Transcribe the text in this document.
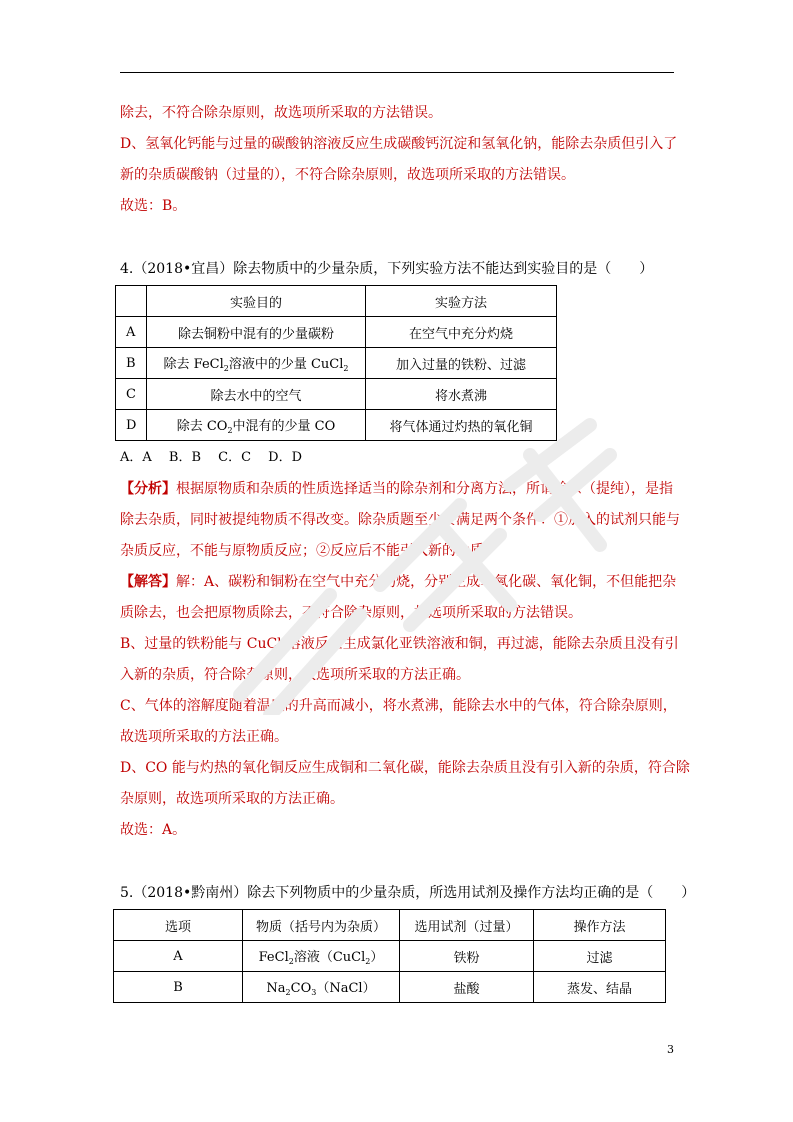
除去，不符合除杂原则，故选项所采取的方法错误。
D、氢氧化钙能与过量的碳酸钠溶液反应生成碳酸钙沉淀和氢氧化钠，能除去杂质但引入了
新的杂质碳酸钠（过量的），不符合除杂原则，故选项所采取的方法错误。
故选：B。
4.（2018•宜昌）除去物质中的少量杂质，下列实验方法不能达到实验目的是（　　）
	实验目的	实验方法
A	除去铜粉中混有的少量碳粉	在空气中充分灼烧
B	除去 FeCl$_2$溶液中的少量 CuCl$_2$	加入过量的铁粉、过滤
C	除去水中的空气	将水煮沸
D	除去 $CO_2$中混有的少量 CO	将气体通过灼热的氧化铜
A．A　 B．B　 C．C　 D．D
【分析】根据原物质和杂质的性质选择适当的除杂剂和分离方法，所谓除杂（提纯），是指
除去杂质，同时被提纯物质不得改变。除杂质题至少要满足两个条件：①加入的试剂只能与
杂质反应，不能与原物质反应；②反应后不能引入新的杂质。
【解答】解：A、碳粉和铜粉在空气中充分灼烧，分别生成二氧化碳、氧化铜，不但能把杂
质除去，也会把原物质除去，不符合除杂原则，故选项所采取的方法错误。
B、过量的铁粉能与 CuCl$_2$溶液反应生成氯化亚铁溶液和铜，再过滤，能除去杂质且没有引
入新的杂质，符合除杂原则，故选项所采取的方法正确。
C、气体的溶解度随着温度的升高而减小，将水煮沸，能除去水中的气体，符合除杂原则，
故选项所采取的方法正确。
D、CO 能与灼热的氧化铜反应生成铜和二氧化碳，能除去杂质且没有引入新的杂质，符合除
杂原则，故选项所采取的方法正确。
故选：A。
5.（2018•黔南州）除去下列物质中的少量杂质，所选用试剂及操作方法均正确的是（　　）
选项	物质（括号内为杂质）	选用试剂（过量）	操作方法
A	FeCl$_2$溶液（CuCl$_2$）	铁粉	过滤
B	$Na_2CO_3(NaCl)$	盐酸	蒸发、结晶
3
